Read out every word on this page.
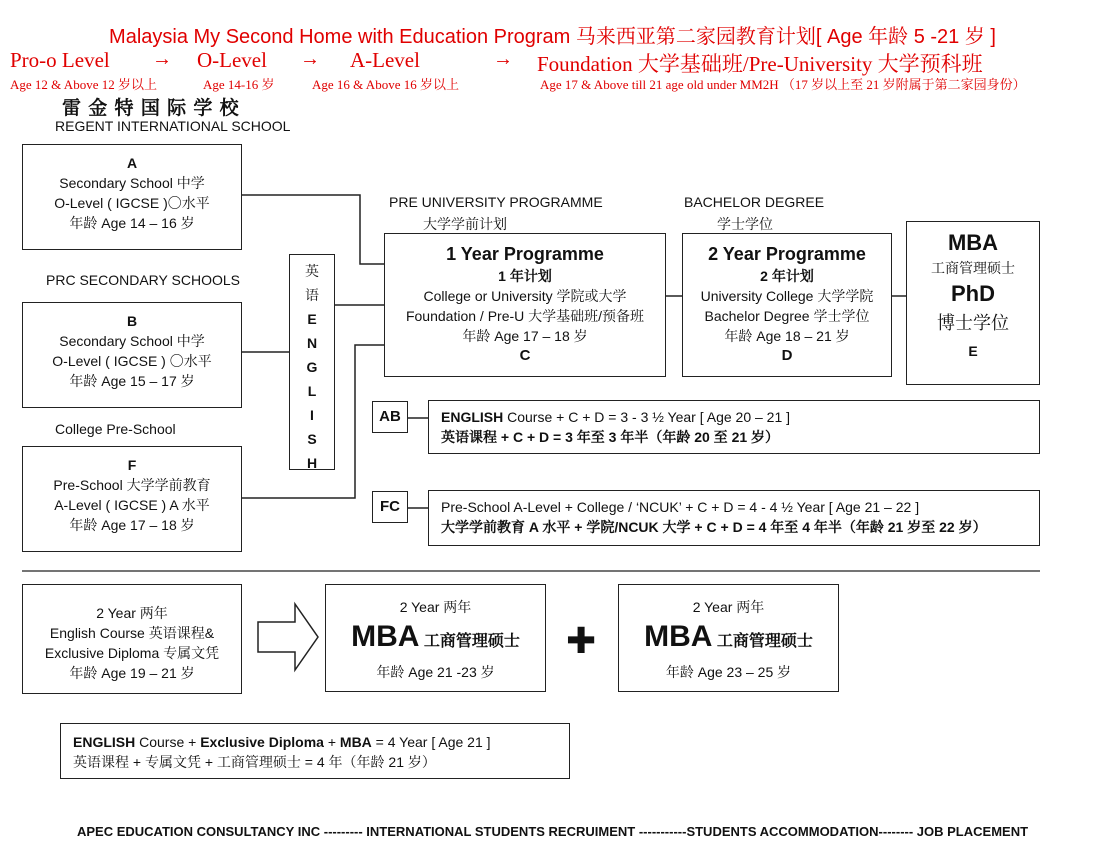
Malaysia My Second Home with Education Program 马来西亚第二家园教育计划[ Age 年龄 5 -21 岁 ]
Pro-o Level → O-Level → A-Level	→ Foundation 大学基础班/Pre-University 大学预科班
Age 12 & Above 12 岁以上	Age 14-16 岁	Age 16 & Above 16 岁以上	Age 17 & Above till 21 age old under MM2H （17 岁以上至 21 岁附属于第二家园身份）
雷 金 特 国 际 学 校
REGENT INTERNATIONAL SCHOOL
A
Secondary School 中学
O-Level ( IGCSE )〇水平
年龄 Age 14 – 16 岁
PRC SECONDARY SCHOOLS
B
Secondary School 中学
O-Level ( IGCSE ) 〇水平
年龄 Age 15 – 17 岁
College Pre-School
F
Pre-School 大学学前教育
A-Level ( IGCSE ) A 水平
年龄 Age 17 – 18 岁
英
语
E
N
G
L
I
S
H
PRE UNIVERSITY PROGRAMME
大学学前计划
BACHELOR DEGREE
学士学位
1 Year Programme
1 年计划
College or University 学院或大学
Foundation / Pre-U 大学基础班/预备班
年龄 Age 17 – 18 岁
C
2 Year Programme
2 年计划
University College 大学学院
Bachelor Degree 学士学位
年龄 Age 18 – 21 岁
D
MBA
工商管理硕士
PhD
博士学位
E
AB	ENGLISH Course + C + D = 3 - 3 ½ Year [ Age 20 – 21 ]
英语课程 + C + D = 3 年至 3 年半（年龄 20 至 21 岁）
FC	Pre-School A-Level + College / ‘NCUK’ + C + D = 4 - 4 ½ Year [ Age 21 – 22 ]
大学学前教育 A 水平 + 学院/NCUK 大学 + C + D = 4 年至 4 年半（年龄 21 岁至 22 岁）
2 Year 两年
English Course 英语课程&
Exclusive Diploma 专属文凭
年龄 Age 19 – 21 岁
2 Year 两年
MBA 工商管理硕士
年龄 Age 21 -23 岁
✚
2 Year 两年
MBA 工商管理硕士
年龄 Age 23 – 25 岁
ENGLISH Course + Exclusive Diploma + MBA = 4 Year [ Age 21 ]
英语课程 + 专属文凭 + 工商管理硕士 = 4 年（年龄 21 岁）
APEC EDUCATION CONSULTANCY INC --------- INTERNATIONAL STUDENTS RECRUIMENT -----------STUDENTS ACCOMMODATION-------- JOB PLACEMENT
